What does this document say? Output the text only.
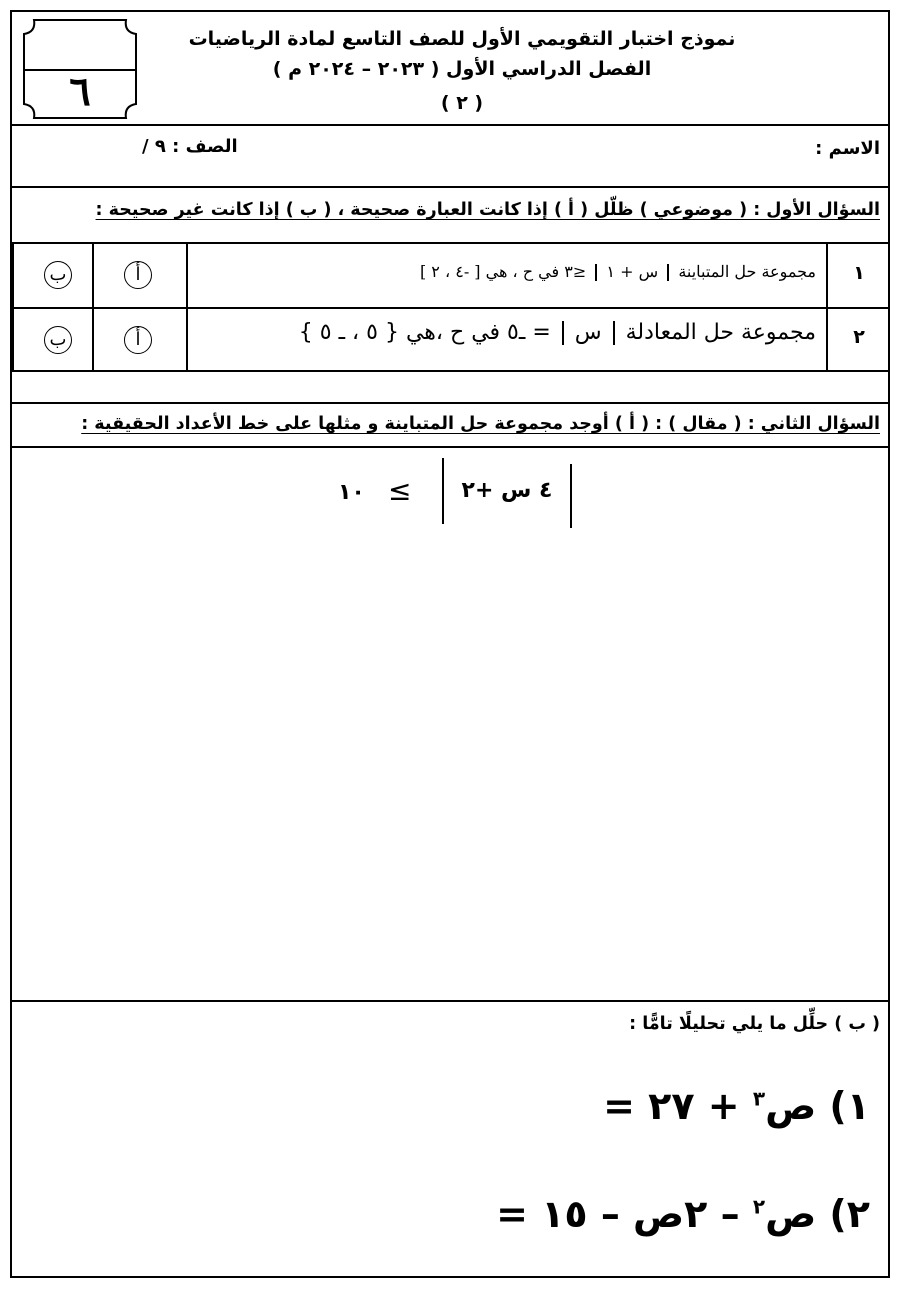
٦
نموذج اختبار التقويمي الأول للصف التاسع لمادة الرياضيات
الفصل الدراسي الأول ( ٢٠٢٣ – ٢٠٢٤ م )
( ٢ )
الاسم :
الصف : ٩ /
السؤال الأول : ( موضوعي ) ظلّل ( أ ) إذا كانت العبارة صحيحة ، ( ب ) إذا كانت غير صحيحة :
١
مجموعة حل المتباينة  س + ١  ≤٣ في ح ، هي [ -٤ ، ٢ ]
أ
ب
٢
مجموعة حل المعادلة  س  = ـ٥ في ح ،هي { ٥ ، ـ ٥ }
أ
ب
السؤال الثاني : ( مقال ) : ( أ ) أوجد مجموعة حل المتباينة و مثلها على خط الأعداد الحقيقية :
٤ س +٢
≤
١٠
( ب ) حلِّل ما يلي تحليلًا تامًّا :
١) ص$^٣$ + ٢٧ =
٢) ص$^٢$ – ٢ص – ١٥ =
